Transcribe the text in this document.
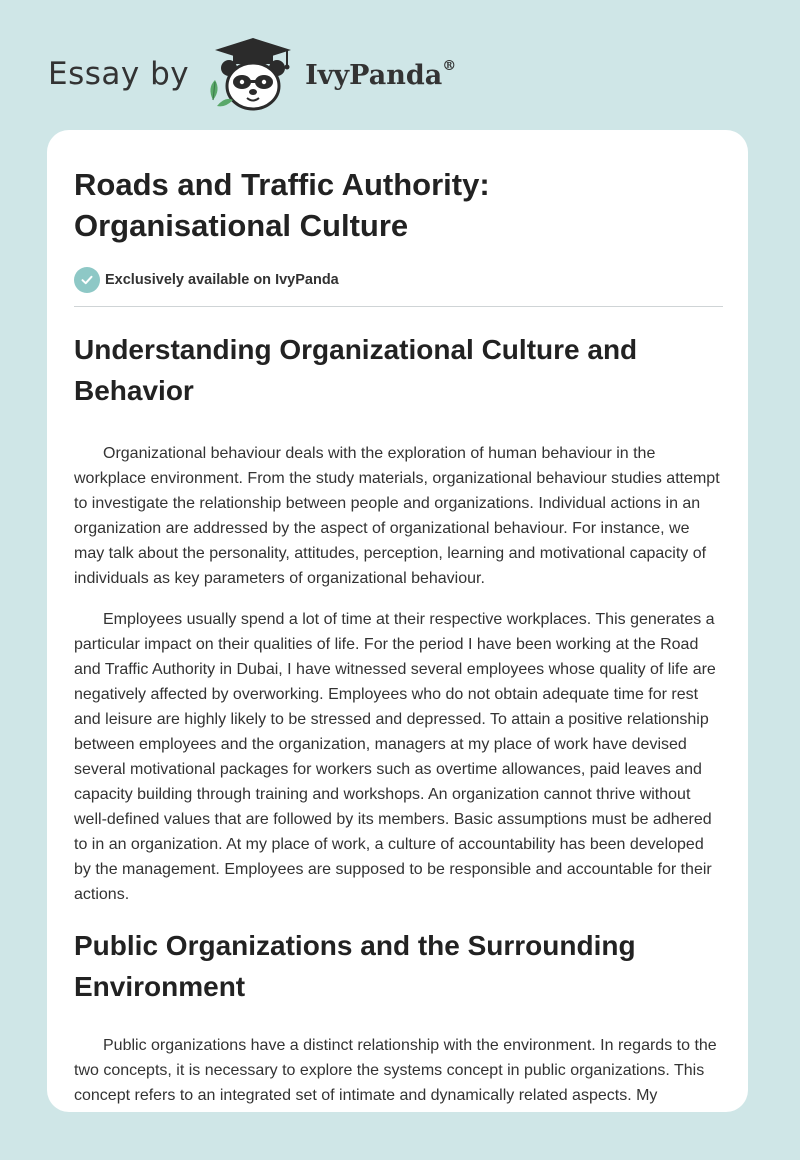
Essay by	IvyPanda®
Roads and Traffic Authority:
Organisational Culture
Exclusively available on IvyPanda
Understanding Organizational Culture and Behavior

Organizational behaviour deals with the exploration of human behaviour in the workplace environment. From the study materials, organizational behaviour studies attempt to investigate the relationship between people and organizations. Individual actions in an organization are addressed by the aspect of organizational behaviour. For instance, we may talk about the personality, attitudes, perception, learning and motivational capacity of individuals as key parameters of organizational behaviour.

Employees usually spend a lot of time at their respective workplaces. This generates a particular impact on their qualities of life. For the period I have been working at the Road and Traffic Authority in Dubai, I have witnessed several employees whose quality of life are negatively affected by overworking. Employees who do not obtain adequate time for rest and leisure are highly likely to be stressed and depressed. To attain a positive relationship between employees and the organization, managers at my place of work have devised several motivational packages for workers such as overtime allowances, paid leaves and capacity building through training and workshops. An organization cannot thrive without well-defined values that are followed by its members. Basic assumptions must be adhered to in an organization. At my place of work, a culture of accountability has been developed by the management. Employees are supposed to be responsible and accountable for their actions.

Public Organizations and the Surrounding Environment

Public organizations have a distinct relationship with the environment. In regards to the two concepts, it is necessary to explore the systems concept in public organizations. This concept refers to an integrated set of intimate and dynamically related aspects. My
